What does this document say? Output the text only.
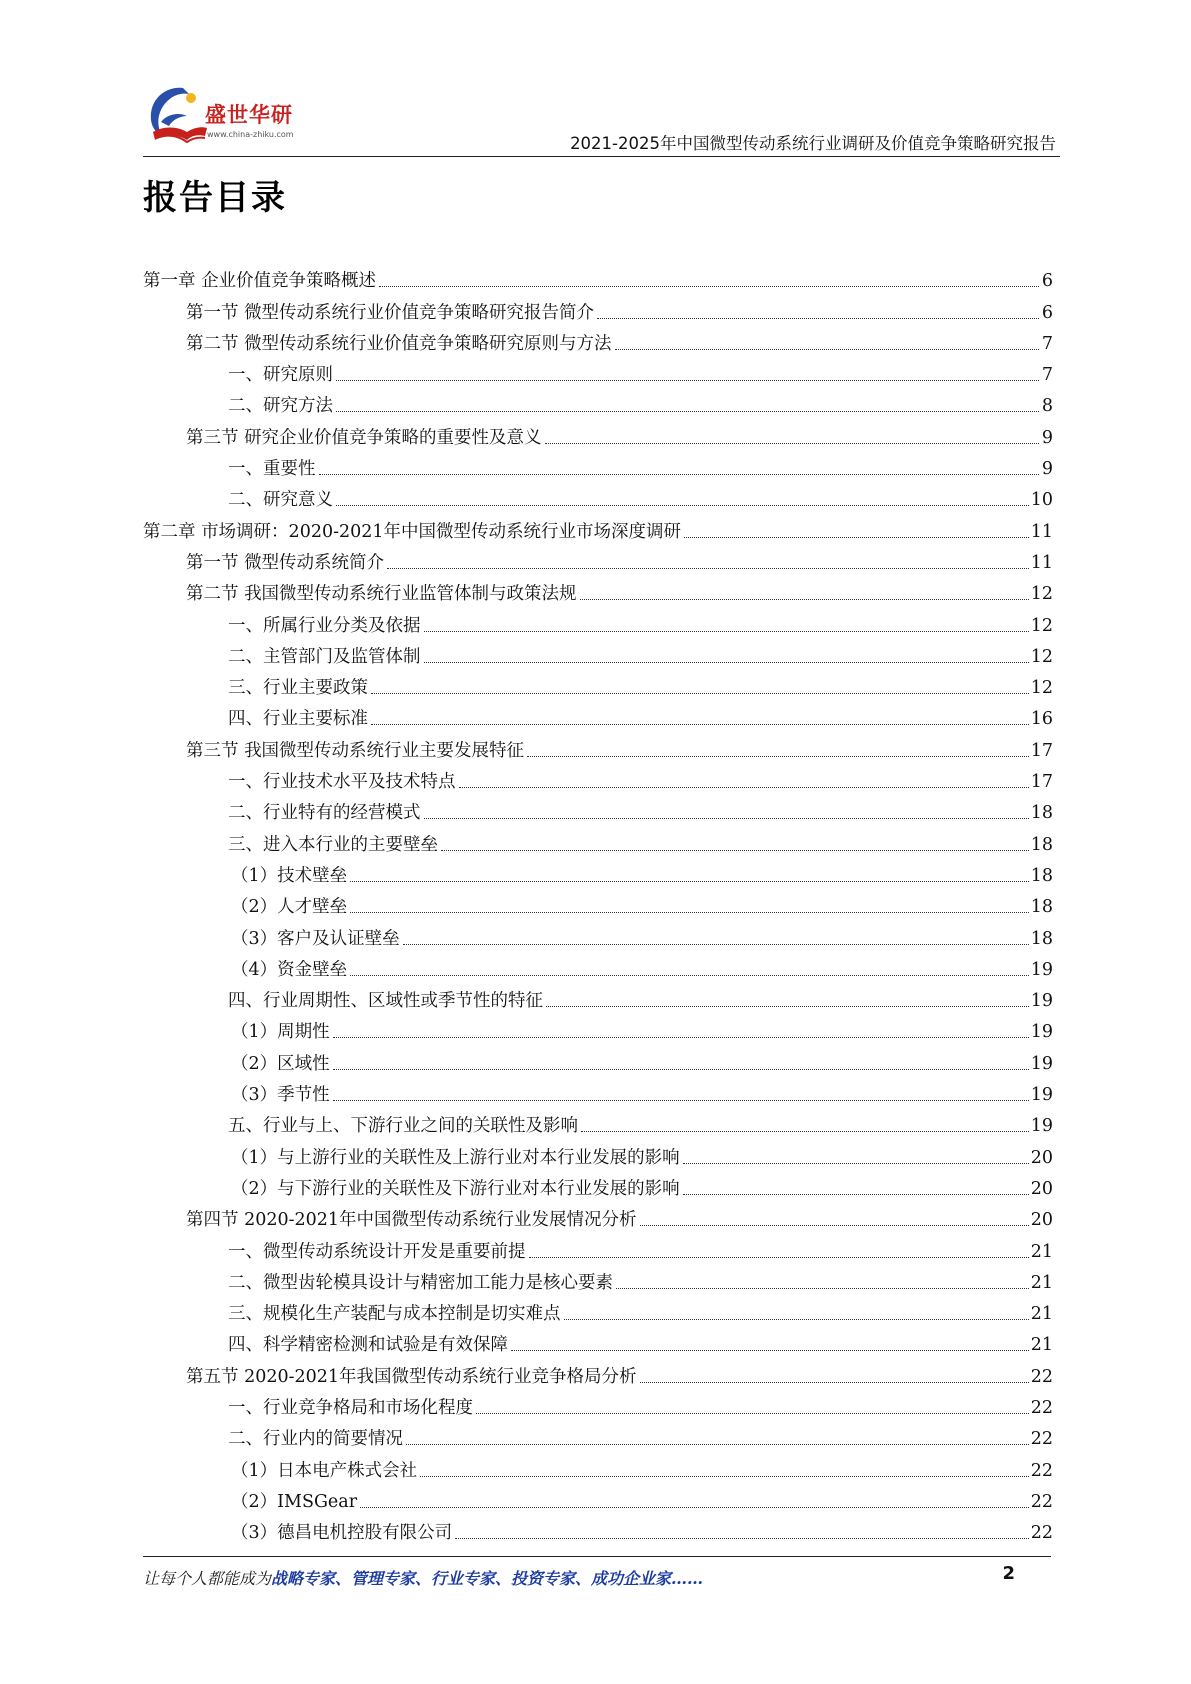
盛世华研
www.china-zhiku.com	2021-2025年中国微型传动系统行业调研及价值竞争策略研究报告
报告目录
第一章 企业价值竞争策略概述	6
第一节 微型传动系统行业价值竞争策略研究报告简介	6
第二节 微型传动系统行业价值竞争策略研究原则与方法	7
一、研究原则	7
二、研究方法	8
第三节 研究企业价值竞争策略的重要性及意义	9
一、重要性	9
二、研究意义	10
第二章 市场调研：2020-2021年中国微型传动系统行业市场深度调研	11
第一节 微型传动系统简介	11
第二节 我国微型传动系统行业监管体制与政策法规	12
一、所属行业分类及依据	12
二、主管部门及监管体制	12
三、行业主要政策	12
四、行业主要标准	16
第三节 我国微型传动系统行业主要发展特征	17
一、行业技术水平及技术特点	17
二、行业特有的经营模式	18
三、进入本行业的主要壁垒	18
（1）技术壁垒	18
（2）人才壁垒	18
（3）客户及认证壁垒	18
（4）资金壁垒	19
四、行业周期性、区域性或季节性的特征	19
（1）周期性	19
（2）区域性	19
（3）季节性	19
五、行业与上、下游行业之间的关联性及影响	19
（1）与上游行业的关联性及上游行业对本行业发展的影响	20
（2）与下游行业的关联性及下游行业对本行业发展的影响	20
第四节 2020-2021年中国微型传动系统行业发展情况分析	20
一、微型传动系统设计开发是重要前提	21
二、微型齿轮模具设计与精密加工能力是核心要素	21
三、规模化生产装配与成本控制是切实难点	21
四、科学精密检测和试验是有效保障	21
第五节 2020-2021年我国微型传动系统行业竞争格局分析	22
一、行业竞争格局和市场化程度	22
二、行业内的简要情况	22
（1）日本电产株式会社	22
（2）IMSGear	22
（3）德昌电机控股有限公司	22
让每个人都能成为战略专家、管理专家、行业专家、投资专家、成功企业家……	2
